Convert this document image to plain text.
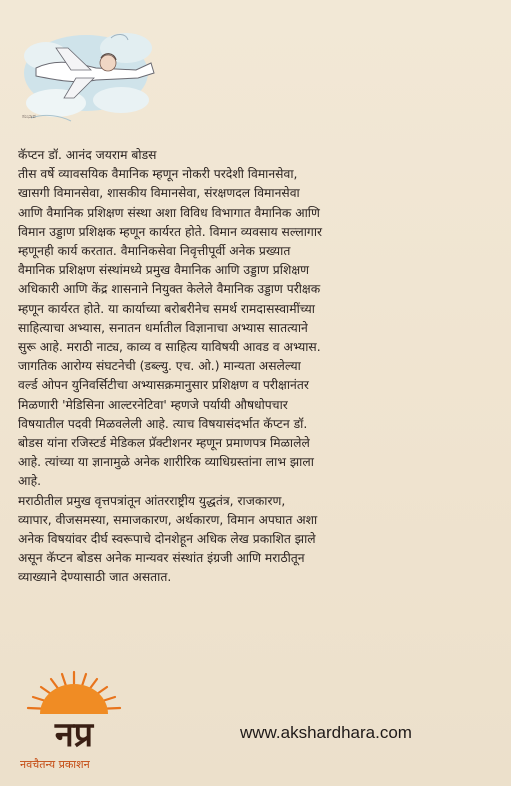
ಸಂಭಾವ
कॅप्टन डॉ. आनंद जयराम बोडस
तीस वर्षे व्यावसयिक वैमानिक म्हणून नोकरी परदेशी विमानसेवा,
खासगी विमानसेवा, शासकीय विमानसेवा, संरक्षणदल विमानसेवा
आणि वैमानिक प्रशिक्षण संस्था अशा विविध विभागात वैमानिक आणि
विमान उड्डाण प्रशिक्षक म्हणून कार्यरत होते. विमान व्यवसाय सल्लागार
म्हणूनही कार्य करतात. वैमानिकसेवा निवृत्तीपूर्वी अनेक प्रख्यात
वैमानिक प्रशिक्षण संस्थांमध्ये प्रमुख वैमानिक आणि उड्डाण प्रशिक्षण
अधिकारी आणि केंद्र शासनाने नियुक्त केलेले वैमानिक उड्डाण परीक्षक
म्हणून कार्यरत होते. या कार्याच्या बरोबरीनेच समर्थ रामदासस्वामींच्या
साहित्याचा अभ्यास, सनातन धर्मातील विज्ञानाचा अभ्यास सातत्याने
सुरू आहे. मराठी नाट्य, काव्य व साहित्य याविषयी आवड व अभ्यास.
जागतिक आरोग्य संघटनेची (डब्ल्यु. एच. ओ.) मान्यता असलेल्या
वर्ल्ड ओपन युनिवर्सिटीचा अभ्यासक्रमानुसार प्रशिक्षण व परीक्षानंतर
मिळणारी 'मेडिसिना आल्टरनेटिवा' म्हणजे पर्यायी औषधोपचार
विषयातील पदवी मिळवलेली आहे. त्याच विषयासंदर्भात कॅप्टन डॉ.
बोडस यांना रजिस्टर्ड मेडिकल प्रॅक्टीशनर म्हणून प्रमाणपत्र मिळालेले
आहे. त्यांच्या या ज्ञानामुळे अनेक शारीरिक व्याधिग्रस्तांना लाभ झाला
आहे.
मराठीतील प्रमुख वृत्तपत्रांतून आंतरराष्ट्रीय युद्धतंत्र, राजकारण,
व्यापार, वीजसमस्या, समाजकारण, अर्थकारण, विमान अपघात अशा
अनेक विषयांवर दीर्घ स्वरूपाचे दोनशेहून अधिक लेख प्रकाशित झाले
असून कॅप्टन बोडस अनेक मान्यवर संस्थांत इंग्रजी आणि मराठीतून
व्याख्याने देण्यासाठी जात असतात.
नप्र
नवचैतन्य प्रकाशन
www.akshardhara.com
